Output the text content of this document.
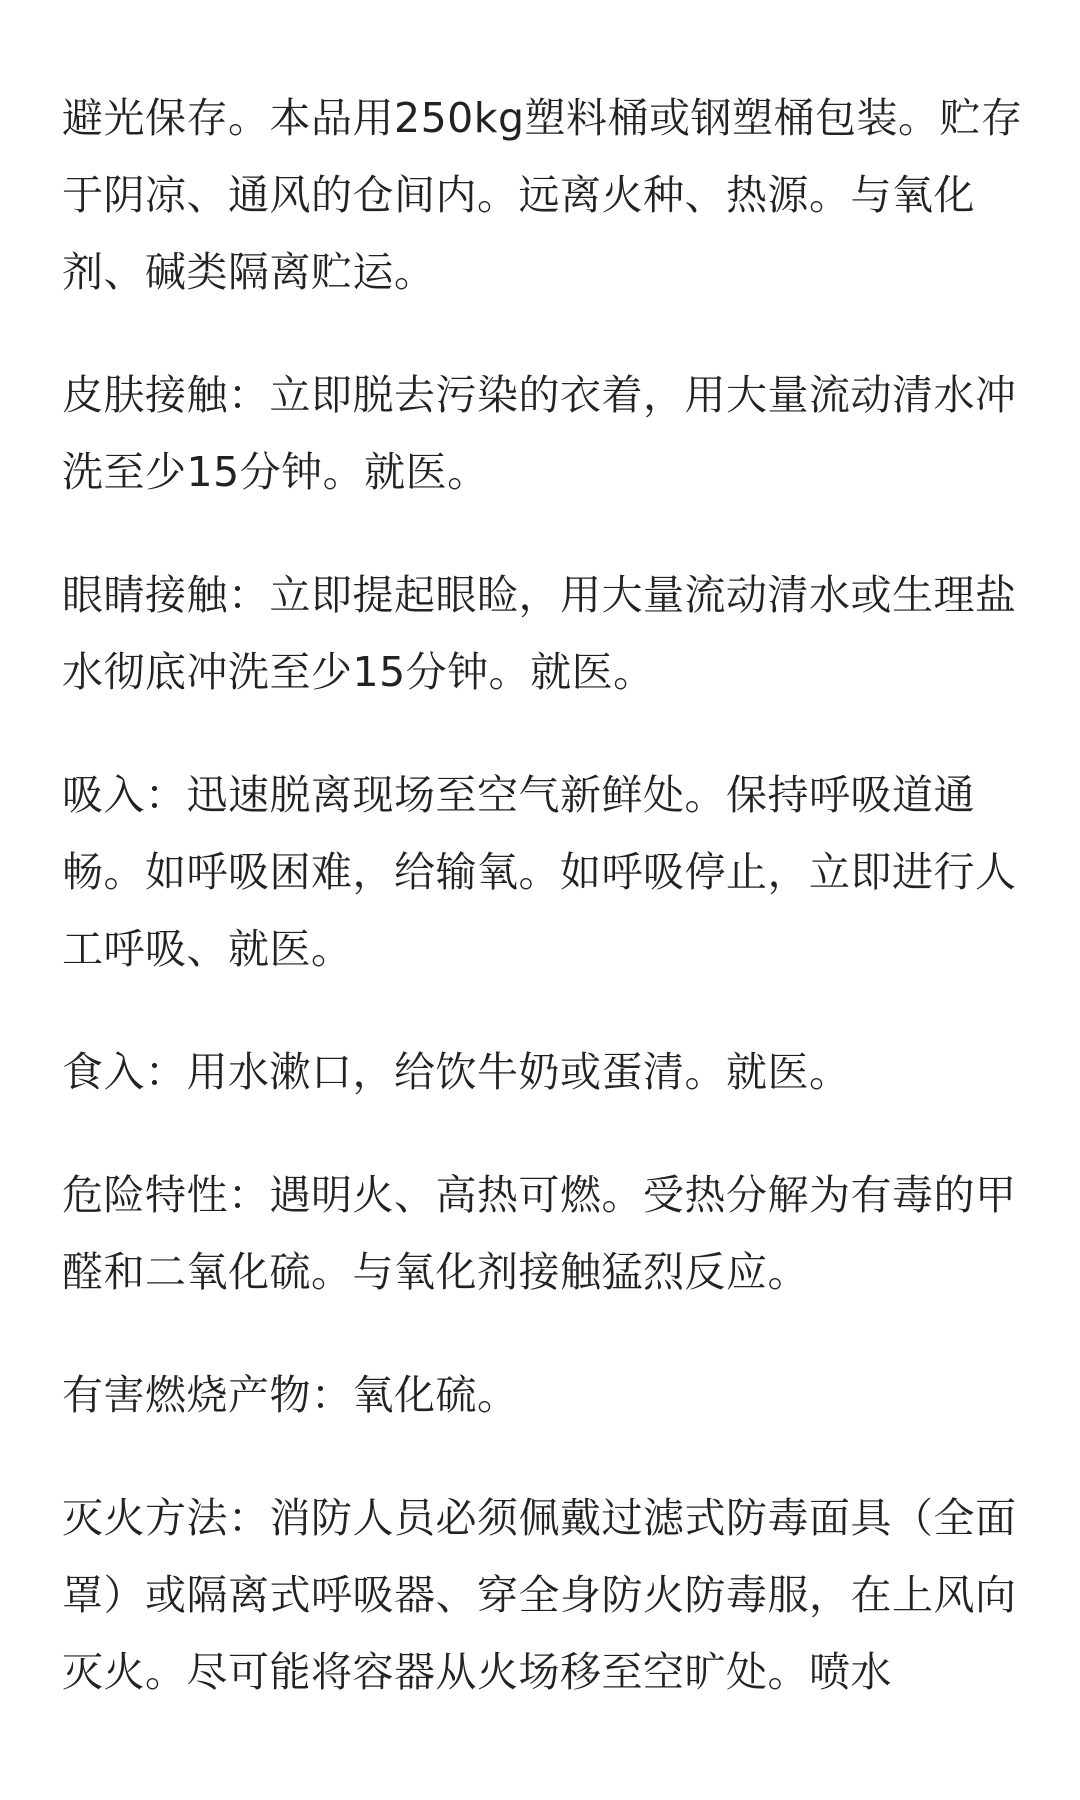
避光保存。本品用250kg塑料桶或钢塑桶包装。贮存于阴凉、通风的仓间内。远离火种、热源。与氧化剂、碱类隔离贮运。

皮肤接触：立即脱去污染的衣着，用大量流动清水冲洗至少15分钟。就医。

眼睛接触：立即提起眼睑，用大量流动清水或生理盐水彻底冲洗至少15分钟。就医。

吸入：迅速脱离现场至空气新鲜处。保持呼吸道通畅。如呼吸困难，给输氧。如呼吸停止，立即进行人工呼吸、就医。

食入：用水漱口，给饮牛奶或蛋清。就医。

危险特性：遇明火、高热可燃。受热分解为有毒的甲醛和二氧化硫。与氧化剂接触猛烈反应。

有害燃烧产物：氧化硫。

灭火方法：消防人员必须佩戴过滤式防毒面具（全面罩）或隔离式呼吸器、穿全身防火防毒服，在上风向灭火。尽可能将容器从火场移至空旷处。喷水
